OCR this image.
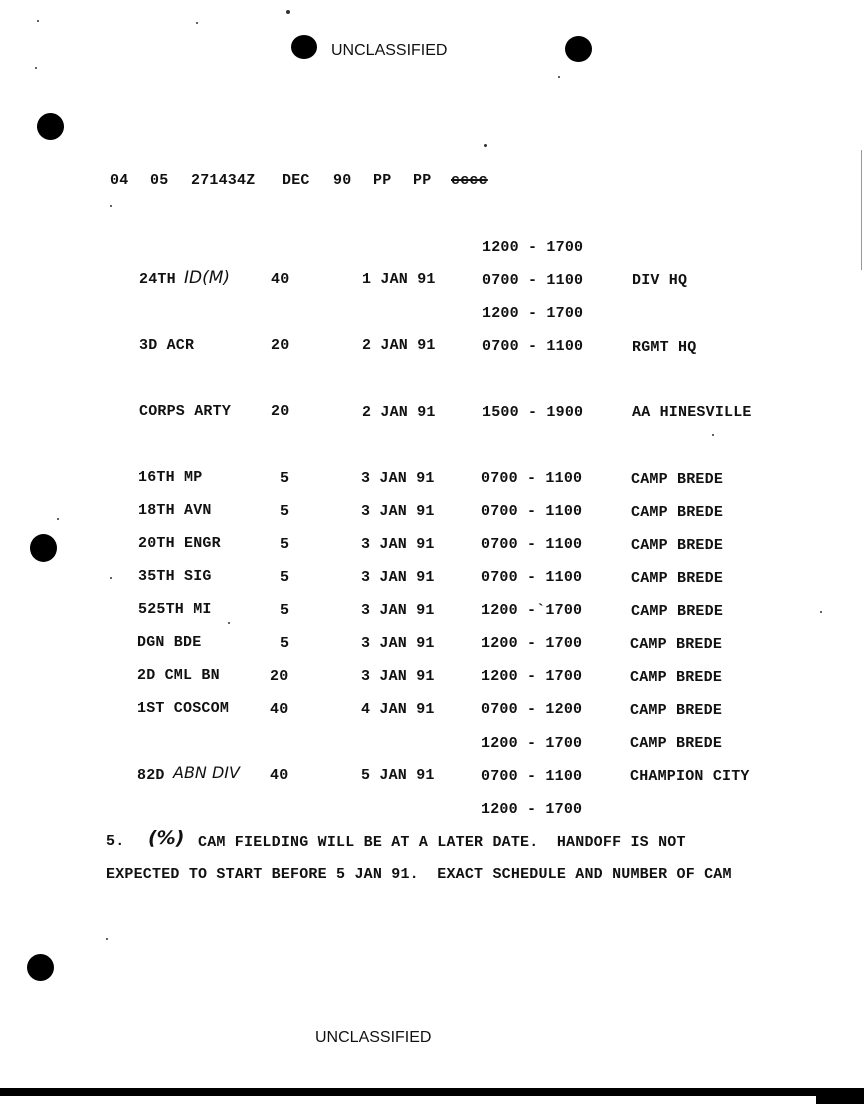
UNCLASSIFIED
04 05 271434Z DEC 90 PP PP cccc
1200 - 1700
24TH ID(M)	40	1 JAN 91	0700 - 1100	DIV HQ
1200 - 1700
3D ACR	20	2 JAN 91	0700 - 1100	RGMT HQ
CORPS ARTY	20	2 JAN 91	1500 - 1900	AA HINESVILLE
16TH MP	5	3 JAN 91	0700 - 1100	CAMP BREDE
18TH AVN	5	3 JAN 91	0700 - 1100	CAMP BREDE
20TH ENGR	5	3 JAN 91	0700 - 1100	CAMP BREDE
35TH SIG	5	3 JAN 91	0700 - 1100	CAMP BREDE
525TH MI	5	3 JAN 91	1200 -`1700	CAMP BREDE
DGN BDE	5	3 JAN 91	1200 - 1700	CAMP BREDE
2D CML BN	20	3 JAN 91	1200 - 1700	CAMP BREDE
1ST COSCOM	40	4 JAN 91	0700 - 1200	CAMP BREDE
1200 - 1700	CAMP BREDE
82D ABN DIV 40	5 JAN 91	0700 - 1100	CHAMPION CITY
1200 - 1700
5. (%) CAM FIELDING WILL BE AT A LATER DATE.  HANDOFF IS NOT
EXPECTED TO START BEFORE 5 JAN 91.  EXACT SCHEDULE AND NUMBER OF CAM
UNCLASSIFIED
